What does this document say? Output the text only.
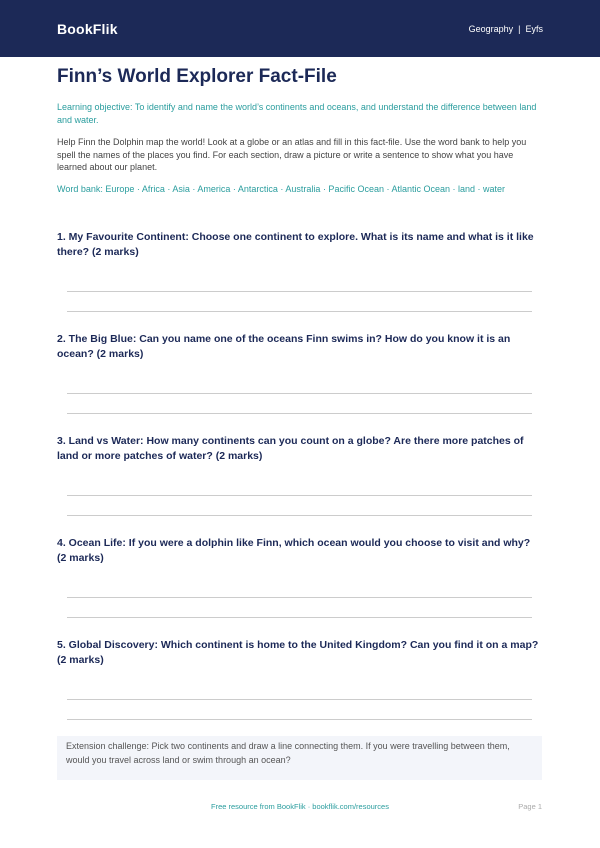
BookFlik	Geography | Eyfs
Finn’s World Explorer Fact-File
Learning objective: To identify and name the world’s continents and oceans, and understand the difference between land and water.
Help Finn the Dolphin map the world! Look at a globe or an atlas and fill in this fact-file. Use the word bank to help you spell the names of the places you find. For each section, draw a picture or write a sentence to show what you have learned about our planet.
Word bank: Europe · Africa · Asia · America · Antarctica · Australia · Pacific Ocean · Atlantic Ocean · land · water
1. My Favourite Continent: Choose one continent to explore. What is its name and what is it like there? (2 marks)
2. The Big Blue: Can you name one of the oceans Finn swims in? How do you know it is an ocean? (2 marks)
3. Land vs Water: How many continents can you count on a globe? Are there more patches of land or more patches of water? (2 marks)
4. Ocean Life: If you were a dolphin like Finn, which ocean would you choose to visit and why? (2 marks)
5. Global Discovery: Which continent is home to the United Kingdom? Can you find it on a map? (2 marks)
Extension challenge: Pick two continents and draw a line connecting them. If you were travelling between them, would you travel across land or swim through an ocean?
Free resource from BookFlik · bookflik.com/resources	Page 1
